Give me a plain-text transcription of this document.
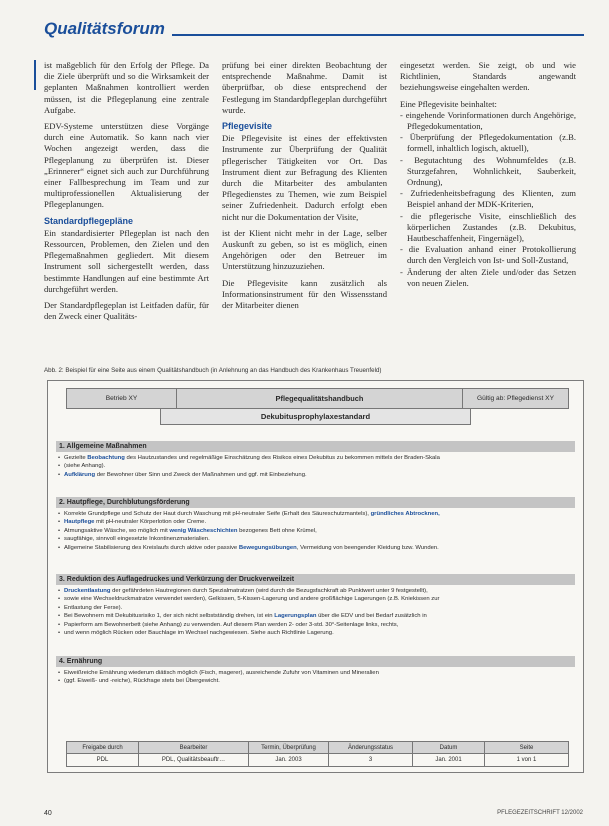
Qualitätsforum

ist maßgeblich für den Erfolg der Pflege. Da die Ziele überprüft und so die Wirksamkeit der geplanten Maßnahmen kontrolliert werden müssen, ist die Pflegeplanung eine zentrale Aufgabe.

EDV-Systeme unterstützen diese Vorgänge durch eine Automatik. So kann nach vier Wochen angezeigt werden, dass die Pflegeplanung zu überprüfen ist. Dieser „Erinnerer“ eignet sich auch zur Durchführung einer Fallbesprechung im Team und zur multiprofessionellen Aktualisierung der Pflegeplanungen.

Standardpflegepläne

Ein standardisierter Pflegeplan ist nach den Ressourcen, Problemen, den Zielen und den Pflegemaßnahmen gegliedert. Mit diesem Instrument soll sichergestellt werden, dass bestimmte Handlungen auf eine bestimmte Art durchgeführt werden.

Der Standardpflegeplan ist Leitfaden dafür, für den Zweck einer Qualitäts-

prüfung bei einer direkten Beobachtung der entsprechende Maßnahme. Damit ist überprüfbar, ob diese entsprechend der Festlegung im Standardpflegeplan durchgeführt wurde.

Pflegevisite

Die Pflegevisite ist eines der effektivsten Instrumente zur Überprüfung der Qualität pflegerischer Tätigkeiten vor Ort. Das Instrument dient zur Befragung des Klienten durch die Mitarbeiter des ambulanten Pflegedienstes zu Themen, wie zum Beispiel seiner Zufriedenheit. Dadurch erfolgt eben nicht nur die Dokumentation der Visite,

ist der Klient nicht mehr in der Lage, selber Auskunft zu geben, so ist es möglich, einen Angehörigen oder den Betreuer im Unterstützung hinzuzuziehen.

Die Pflegevisite kann zusätzlich als Informationsinstrument für den Wissensstand der Mitarbeiter dienen

eingesetzt werden. Sie zeigt, ob und wie Richtlinien, Standards angewandt beziehungsweise eingehalten werden.

Eine Pflegevisite beinhaltet:

- eingehende Vorinformationen durch Angehörige, Pflegedokumentation,
- Überprüfung der Pflegedokumentation (z.B. formell, inhaltlich logisch, aktuell),
- Begutachtung des Wohnumfeldes (z.B. Sturzgefahren, Wohnlichkeit, Sauberkeit, Ordnung),
- Zufriedenheitsbefragung des Klienten, zum Beispiel anhand der MDK-Kriterien,
- die pflegerische Visite, einschließlich des körperlichen Zustandes (z.B. Dekubitus, Hautbeschaffenheit, Fingernägel),
- die Evaluation anhand einer Protokollierung durch den Vergleich von Ist- und Soll-Zustand,
- Änderung der alten Ziele und/oder das Setzen von neuen Zielen.
Abb. 2: Beispiel für eine Seite aus einem Qualitätshandbuch (in Anlehnung an das Handbuch des Krankenhaus Treuenfeld)
Betrieb XY	Pflegequalitätshandbuch	Gültig ab: Pflegedienst XY
Dekubitusprophylaxestandard
1. Allgemeine Maßnahmen
• Gezielte Beobachtung des Hautzustandes und regelmäßige Einschätzung des Risikos eines Dekubitus zu bekommen mittels der Braden-Skala
• (siehe Anhang).
• Aufklärung der Bewohner über Sinn und Zweck der Maßnahmen und ggf. mit Einbeziehung.
2. Hautpflege, Durchblutungsförderung
• Korrekte Grundpflege und Schutz der Haut durch Waschung mit pH-neutraler Seife (Erhalt des Säureschutzmantels), gründliches Abtrocknen,
• Hautpflege mit pH-neutraler Körperlotion oder Creme.
• Atmungsaktive Wäsche, wo möglich mit wenig Wäscheschichten bezogenes Bett ohne Krümel,
• saugfähige, sinnvoll eingesetzte Inkontinenzmaterialien.
• Allgemeine Stabilisierung des Kreislaufs durch aktive oder passive Bewegungsübungen, Vermeidung von beengender Kleidung bzw. Wunden.
3. Reduktion des Auflagedruckes und Verkürzung der Druckverweilzeit
• Druckentlastung der gefährdeten Hautregionen durch Spezialmatratzen (wird durch die Bezugsfachkraft ab Punktwert unter 9 festgestellt),
• sowie eine Wechseldruckmatratze verwendet werden), Gelkissen, 5-Kissen-Lagerung und andere großflächige Lagerungen (z.B. Kniekissen zur
• Entlastung der Ferse).
• Bei Bewohnern mit Dekubitusrisiko 1, der sich nicht selbstständig drehen, ist ein Lagerungsplan über die EDV und bei Bedarf zusätzlich in
• Papierform am Bewohnerbett (siehe Anhang) zu verwenden. Auf diesem Plan werden 2- oder 3-std. 30°-Seitenlage links, rechts,
• und wenn möglich Rücken oder Bauchlage im Wechsel nachgewiesen. Siehe auch Richtlinie Lagerung.
4. Ernährung
• Eiweißreiche Ernährung wiederum diätisch möglich (Fisch, magerer), ausreichende Zufuhr von Vitaminen und Mineralien
• (ggf. Eiweiß- und -reiche), Rückfrage stets bei Übergewicht.
Freigabe durch	Bearbeiter	Termin, Überprüfung	Änderungsstatus	Datum	Seite
PDL	PDL, Qualitätsbeauftr…	Jan. 2003	3	Jan. 2001	1 von 1
40	PFLEGEZEITSCHRIFT 12/2002
